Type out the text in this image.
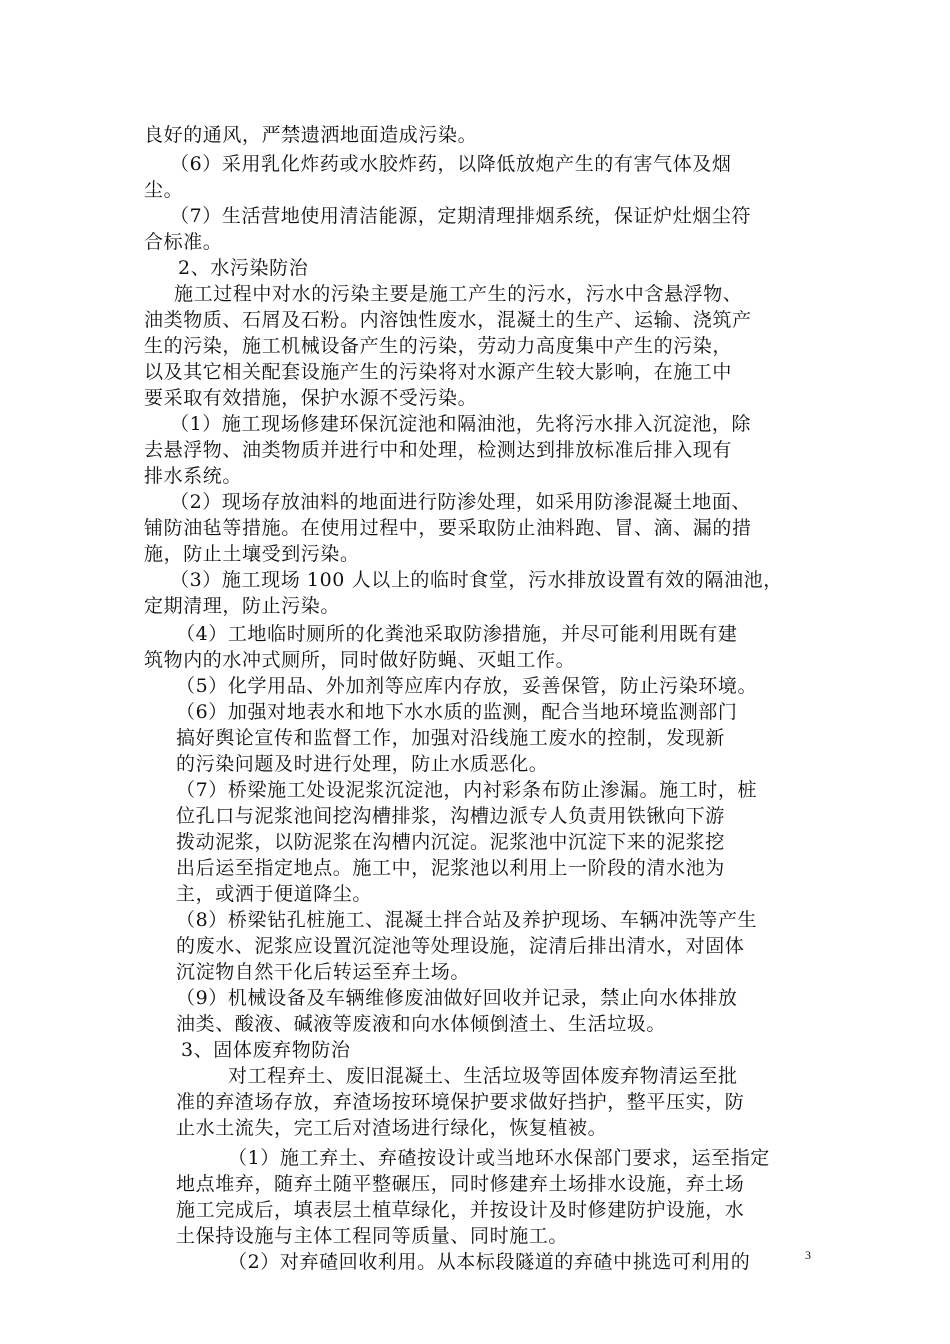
良好的通风，严禁遗洒地面造成污染。
（6）采用乳化炸药或水胶炸药，以降低放炮产生的有害气体及烟
尘。
（7）生活营地使用清洁能源，定期清理排烟系统，保证炉灶烟尘符
合标准。
2、水污染防治
施工过程中对水的污染主要是施工产生的污水，污水中含悬浮物、
油类物质、石屑及石粉。内溶蚀性废水，混凝土的生产、运输、浇筑产
生的污染，施工机械设备产生的污染，劳动力高度集中产生的污染，
以及其它相关配套设施产生的污染将对水源产生较大影响，在施工中
要采取有效措施，保护水源不受污染。
（1）施工现场修建环保沉淀池和隔油池，先将污水排入沉淀池，除
去悬浮物、油类物质并进行中和处理，检测达到排放标准后排入现有
排水系统。
（2）现场存放油料的地面进行防渗处理，如采用防渗混凝土地面、
铺防油毡等措施。在使用过程中，要采取防止油料跑、冒、滴、漏的措
施，防止土壤受到污染。
（3）施工现场 100 人以上的临时食堂，污水排放设置有效的隔油池，
定期清理，防止污染。
（4）工地临时厕所的化粪池采取防渗措施，并尽可能利用既有建
筑物内的水冲式厕所，同时做好防蝇、灭蛆工作。
（5）化学用品、外加剂等应库内存放，妥善保管，防止污染环境。
（6）加强对地表水和地下水水质的监测，配合当地环境监测部门
搞好舆论宣传和监督工作，加强对沿线施工废水的控制，发现新
的污染问题及时进行处理，防止水质恶化。
（7）桥梁施工处设泥浆沉淀池，内衬彩条布防止渗漏。施工时，桩
位孔口与泥浆池间挖沟槽排浆，沟槽边派专人负责用铁锹向下游
拨动泥浆，以防泥浆在沟槽内沉淀。泥浆池中沉淀下来的泥浆挖
出后运至指定地点。施工中，泥浆池以利用上一阶段的清水池为
主，或洒于便道降尘。
（8）桥梁钻孔桩施工、混凝土拌合站及养护现场、车辆冲洗等产生
的废水、泥浆应设置沉淀池等处理设施，淀清后排出清水，对固体
沉淀物自然干化后转运至弃土场。
（9）机械设备及车辆维修废油做好回收并记录，禁止向水体排放
油类、酸液、碱液等废液和向水体倾倒渣土、生活垃圾。
3、固体废弃物防治
对工程弃土、废旧混凝土、生活垃圾等固体废弃物清运至批
准的弃渣场存放，弃渣场按环境保护要求做好挡护，整平压实，防
止水土流失，完工后对渣场进行绿化，恢复植被。
（1）施工弃土、弃碴按设计或当地环水保部门要求，运至指定
地点堆弃，随弃土随平整碾压，同时修建弃土场排水设施，弃土场
施工完成后，填表层土植草绿化，并按设计及时修建防护设施，水
土保持设施与主体工程同等质量、同时施工。
（2）对弃碴回收利用。从本标段隧道的弃碴中挑选可利用的	3
